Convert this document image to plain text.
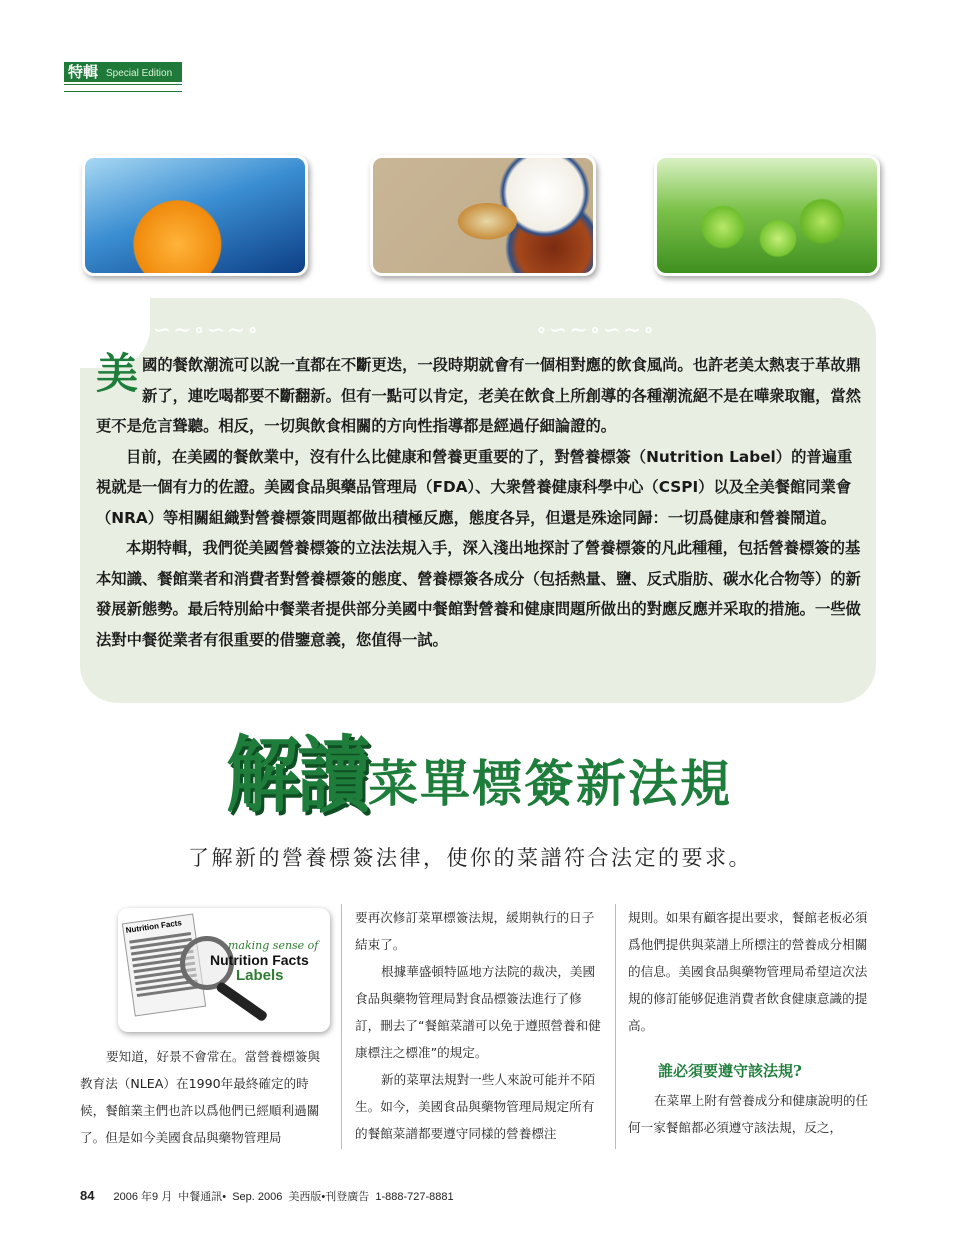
特輯 Special Edition
∘∽∼∘∽∼∘	∘∽∼∘∽∼∘

美國的餐飲潮流可以說一直都在不斷更迭，一段時期就會有一個相對應的飲食風尚。也許老美太熱衷于革故鼎新了，連吃喝都要不斷翻新。但有一點可以肯定，老美在飲食上所創導的各種潮流絕不是在嘩衆取寵，當然更不是危言聳聽。相反，一切與飲食相關的方向性指導都是經過仔細論證的。

目前，在美國的餐飲業中，沒有什么比健康和營養更重要的了，對營養標簽（Nutrition Label）的普遍重視就是一個有力的佐證。美國食品與藥品管理局（FDA）、大衆營養健康科學中心（CSPI）以及全美餐館同業會（NRA）等相關組織對營養標簽問題都做出積極反應，態度各异，但還是殊途同歸：一切爲健康和營養鬧道。

本期特輯，我們從美國營養標簽的立法法規入手，深入淺出地探討了營養標簽的凡此種種，包括營養標簽的基本知識、餐館業者和消費者對營養標簽的態度、營養標簽各成分（包括熱量、鹽、反式脂肪、碳水化合物等）的新發展新態勢。最后特別給中餐業者提供部分美國中餐館對營養和健康問題所做出的對應反應并采取的措施。一些做法對中餐從業者有很重要的借鑒意義，您值得一試。

解讀菜單標簽新法規
了解新的營養標簽法律，使你的菜譜符合法定的要求。
Nutrition Facts
making sense of
Nutrition Facts
Labels

要知道，好景不會常在。當營養標簽與教育法（NLEA）在1990年最終確定的時候，餐館業主們也許以爲他們已經順利過關了。但是如今美國食品與藥物管理局

要再次修訂菜單標簽法規，緩期執行的日子結束了。

根據華盛頓特區地方法院的裁决，美國食品與藥物管理局對食品標簽法進行了修訂，刪去了“餐館菜譜可以免于遵照營養和健康標注之標准”的規定。

新的菜單法規對一些人來說可能并不陌生。如今，美國食品與藥物管理局規定所有的餐館菜譜都要遵守同樣的營養標注

規則。如果有顧客提出要求，餐館老板必須爲他們提供與菜譜上所標注的營養成分相關的信息。美國食品與藥物管理局希望這次法規的修訂能够促進消費者飲食健康意識的提高。

誰必須要遵守該法規?

在菜單上附有營養成分和健康說明的任何一家餐館都必須遵守該法規，反之，

84 2006 年9 月 中餐通訊• Sep. 2006 美西版•刊登廣告 1-888-727-8881
